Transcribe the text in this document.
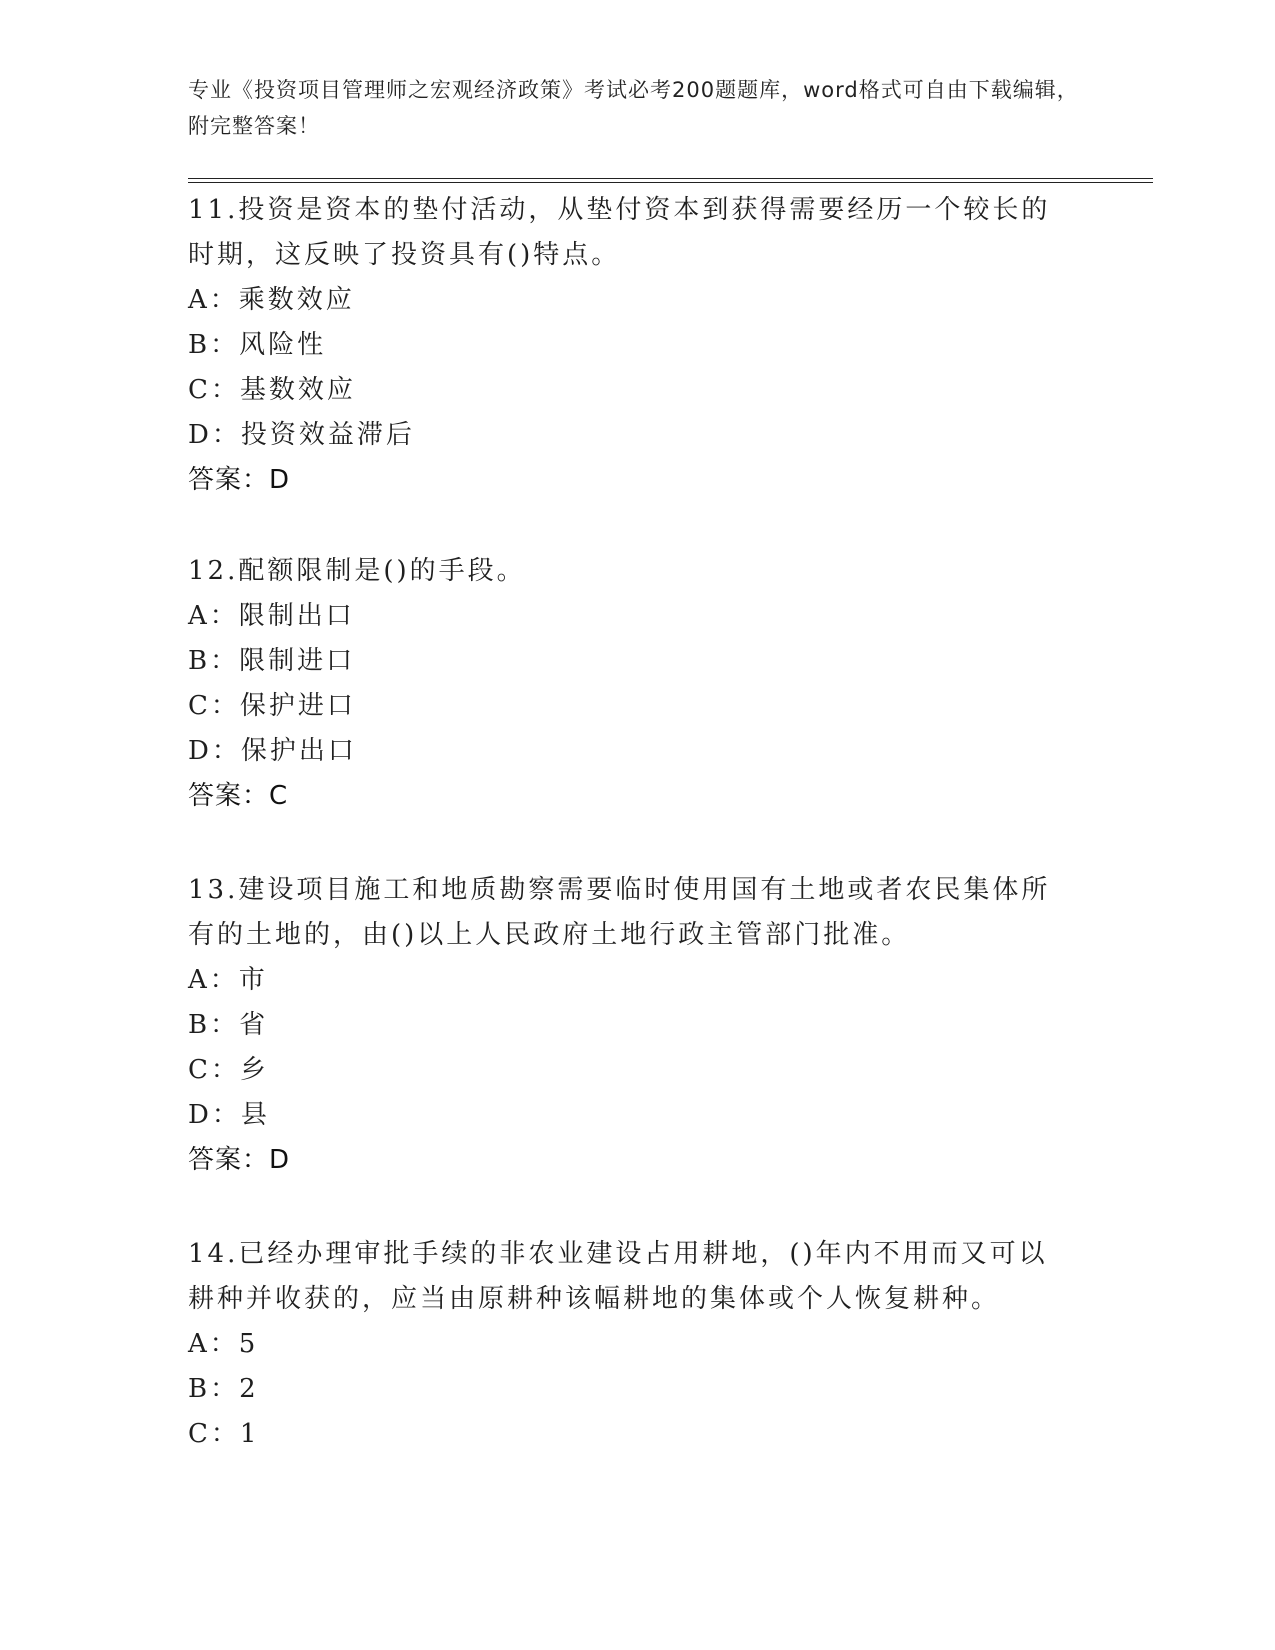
专业《投资项目管理师之宏观经济政策》考试必考200题题库，word格式可自由下载编辑，附完整答案！
11.投资是资本的垫付活动，从垫付资本到获得需要经历一个较长的时期，这反映了投资具有()特点。
A：乘数效应
B：风险性
C：基数效应
D：投资效益滞后
答案：D
12.配额限制是()的手段。
A：限制出口
B：限制进口
C：保护进口
D：保护出口
答案：C
13.建设项目施工和地质勘察需要临时使用国有土地或者农民集体所有的土地的，由()以上人民政府土地行政主管部门批准。
A：市
B：省
C：乡
D：县
答案：D
14.已经办理审批手续的非农业建设占用耕地，()年内不用而又可以耕种并收获的，应当由原耕种该幅耕地的集体或个人恢复耕种。
A：5
B：2
C：1
